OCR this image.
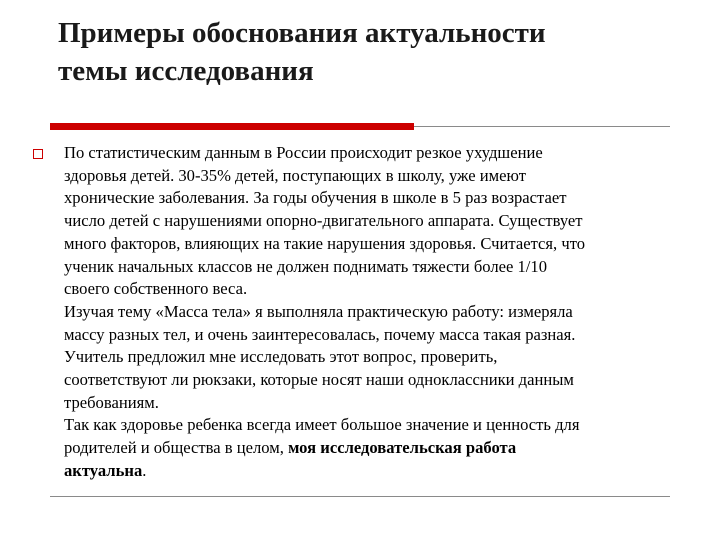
Примеры обоснования актуальности
темы исследования
По статистическим данным в России происходит резкое ухудшение
здоровья детей. 30-35% детей, поступающих в школу, уже имеют
хронические заболевания. За годы обучения в школе в 5 раз возрастает
число детей с нарушениями опорно-двигательного аппарата. Существует
много факторов, влияющих на такие нарушения здоровья. Считается, что
ученик начальных классов не должен поднимать тяжести более 1/10
своего собственного веса.
Изучая тему «Масса тела» я выполняла практическую работу: измеряла
массу разных тел, и очень заинтересовалась, почему масса такая разная.
Учитель предложил мне исследовать этот вопрос, проверить,
соответствуют ли рюкзаки, которые носят наши одноклассники данным
требованиям.
Так как здоровье ребенка всегда имеет большое значение и ценность для
родителей и общества в целом, моя исследовательская работа
актуальна.
